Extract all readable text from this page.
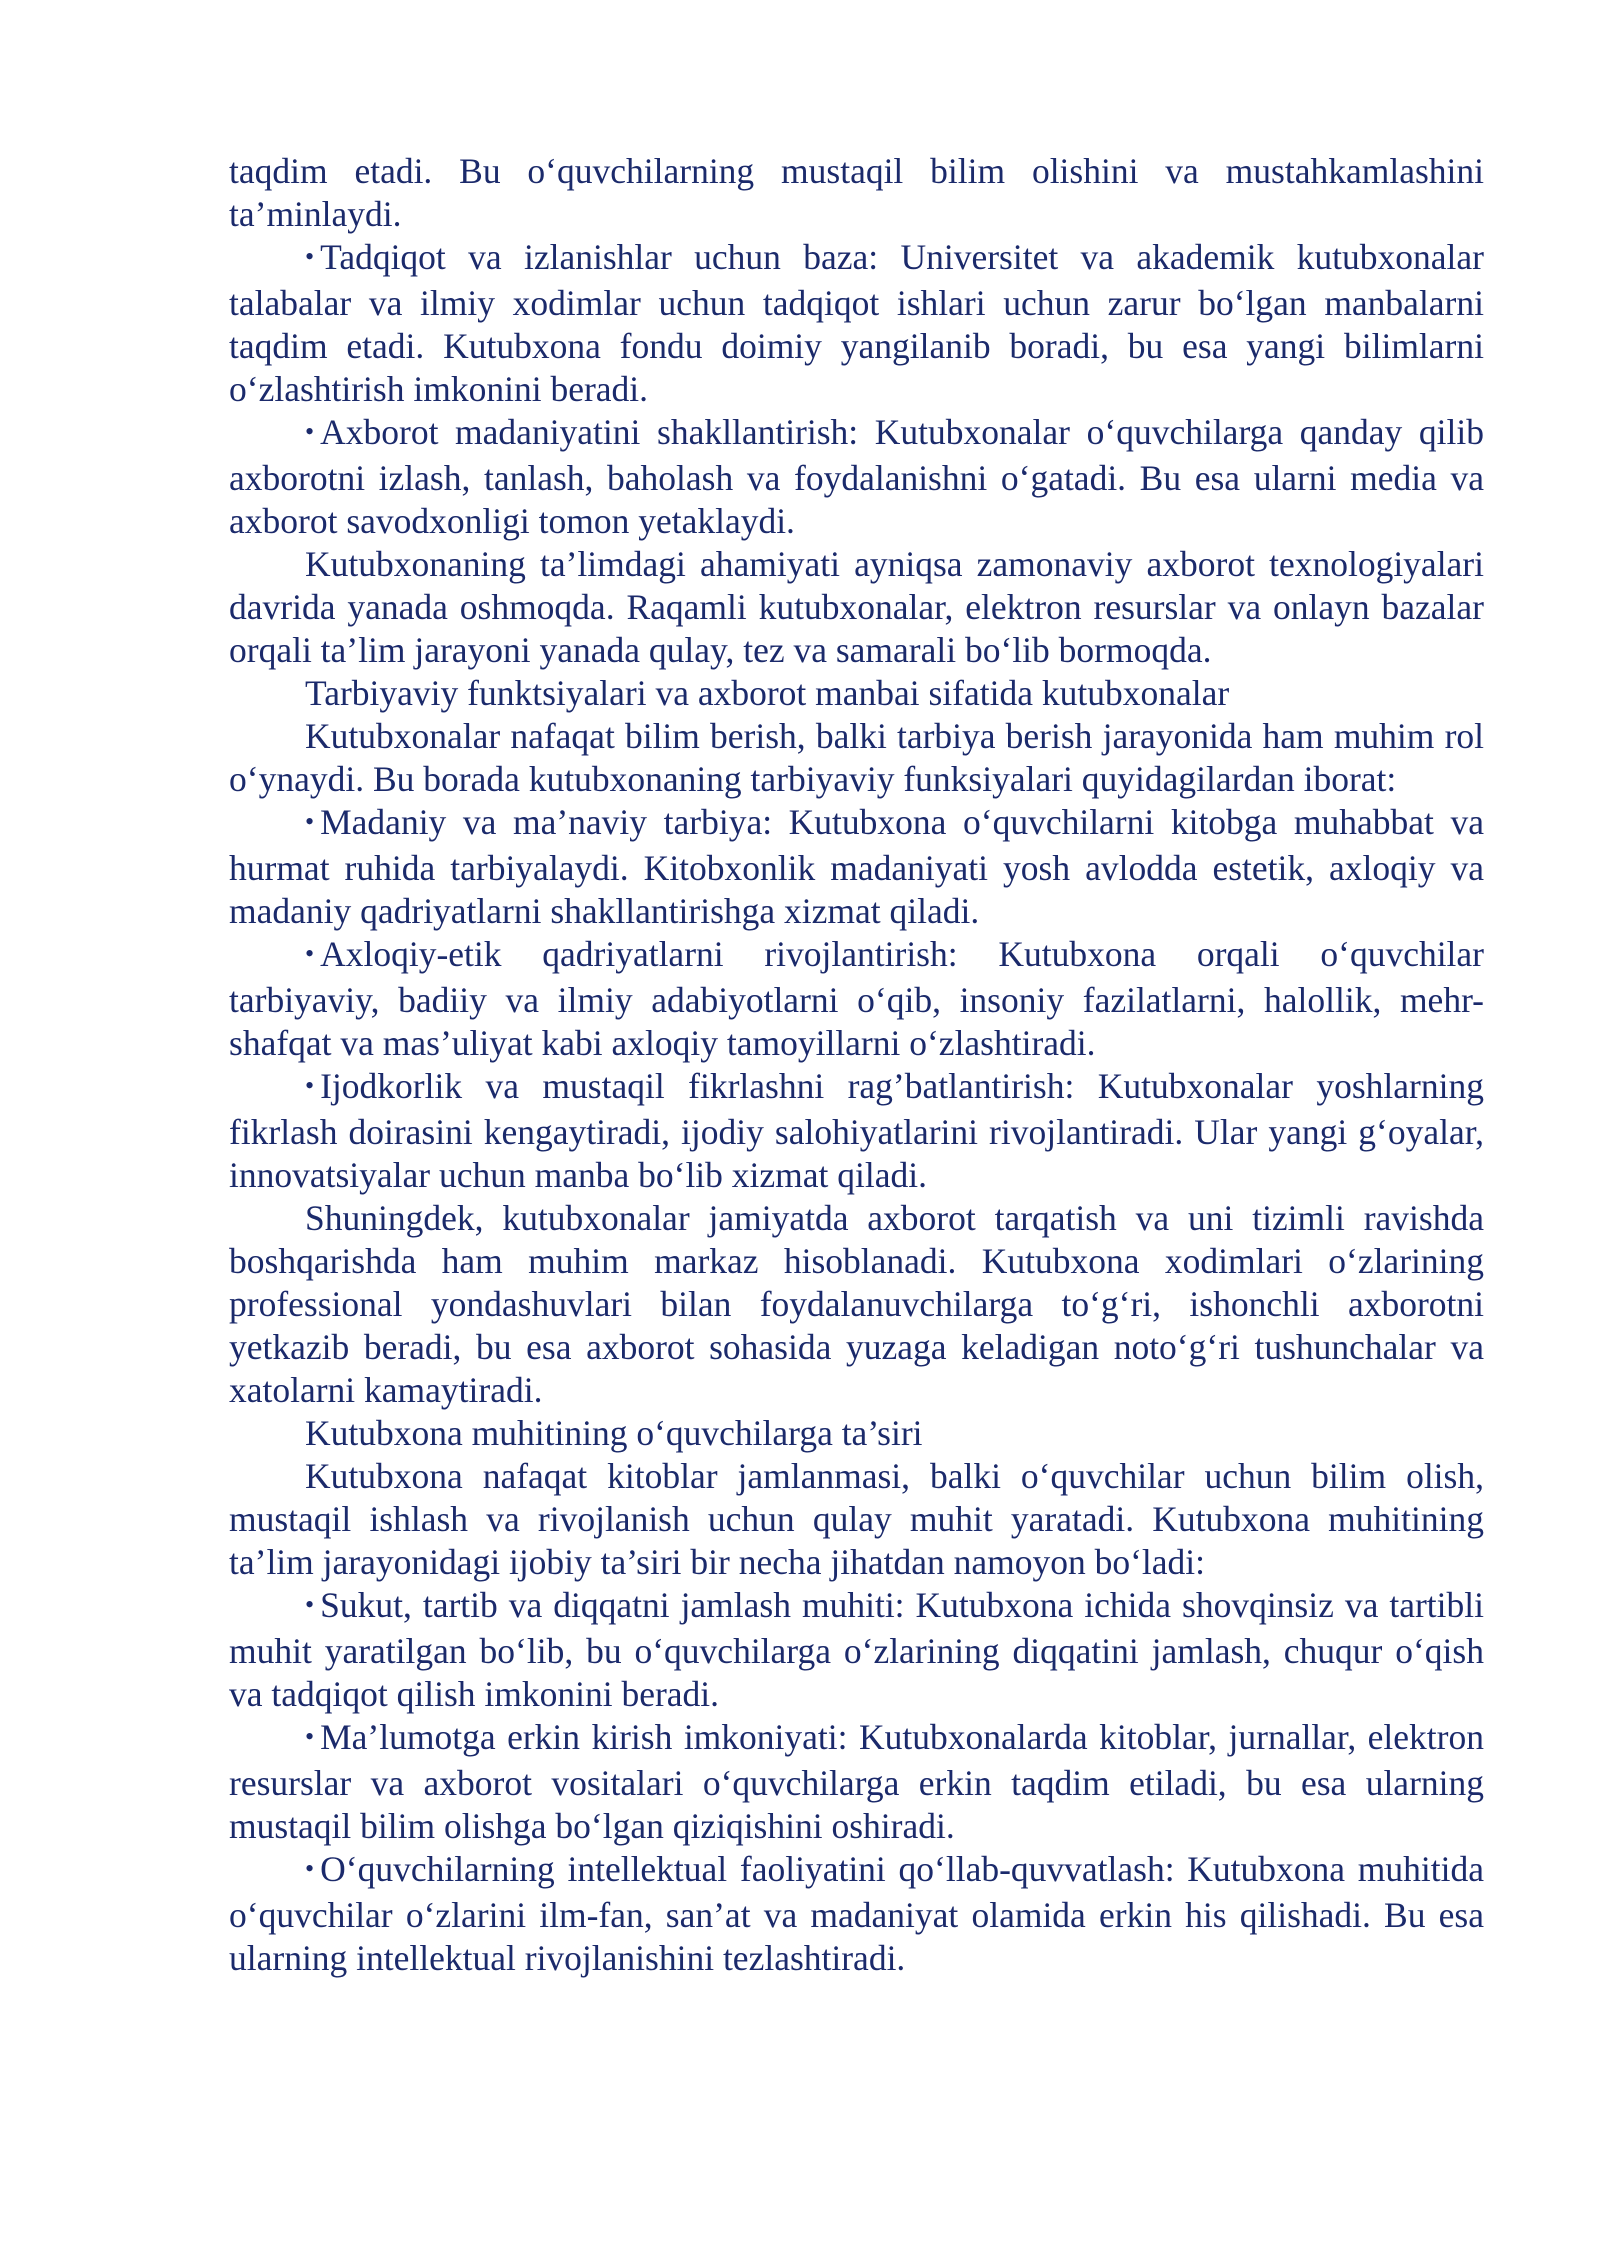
taqdim etadi. Bu o‘quvchilarning mustaqil bilim olishini va mustahkamlashini ta’minlaydi.

• Tadqiqot va izlanishlar uchun baza: Universitet va akademik kutubxonalar talabalar va ilmiy xodimlar uchun tadqiqot ishlari uchun zarur bo‘lgan manbalarni taqdim etadi. Kutubxona fondu doimiy yangilanib boradi, bu esa yangi bilimlarni o‘zlashtirish imkonini beradi.

• Axborot madaniyatini shakllantirish: Kutubxonalar o‘quvchilarga qanday qilib axborotni izlash, tanlash, baholash va foydalanishni o‘gatadi. Bu esa ularni media va axborot savodxonligi tomon yetaklaydi.

Kutubxonaning ta’limdagi ahamiyati ayniqsa zamonaviy axborot texnologiyalari davrida yanada oshmoqda. Raqamli kutubxonalar, elektron resurslar va onlayn bazalar orqali ta’lim jarayoni yanada qulay, tez va samarali bo‘lib bormoqda.

Tarbiyaviy funktsiyalari va axborot manbai sifatida kutubxonalar

Kutubxonalar nafaqat bilim berish, balki tarbiya berish jarayonida ham muhim rol o‘ynaydi. Bu borada kutubxonaning tarbiyaviy funksiyalari quyidagilardan iborat:

• Madaniy va ma’naviy tarbiya: Kutubxona o‘quvchilarni kitobga muhabbat va hurmat ruhida tarbiyalaydi. Kitobxonlik madaniyati yosh avlodda estetik, axloqiy va madaniy qadriyatlarni shakllantirishga xizmat qiladi.

• Axloqiy-etik qadriyatlarni rivojlantirish: Kutubxona orqali o‘quvchilar tarbiyaviy, badiiy va ilmiy adabiyotlarni o‘qib, insoniy fazilatlarni, halollik, mehr-shafqat va mas’uliyat kabi axloqiy tamoyillarni o‘zlashtiradi.

• Ijodkorlik va mustaqil fikrlashni rag’batlantirish: Kutubxonalar yoshlarning fikrlash doirasini kengaytiradi, ijodiy salohiyatlarini rivojlantiradi. Ular yangi g‘oyalar, innovatsiyalar uchun manba bo‘lib xizmat qiladi.

Shuningdek, kutubxonalar jamiyatda axborot tarqatish va uni tizimli ravishda boshqarishda ham muhim markaz hisoblanadi. Kutubxona xodimlari o‘zlarining professional yondashuvlari bilan foydalanuvchilarga to‘g‘ri, ishonchli axborotni yetkazib beradi, bu esa axborot sohasida yuzaga keladigan noto‘g‘ri tushunchalar va xatolarni kamaytiradi.

Kutubxona muhitining o‘quvchilarga ta’siri

Kutubxona nafaqat kitoblar jamlanmasi, balki o‘quvchilar uchun bilim olish, mustaqil ishlash va rivojlanish uchun qulay muhit yaratadi. Kutubxona muhitining ta’lim jarayonidagi ijobiy ta’siri bir necha jihatdan namoyon bo‘ladi:

• Sukut, tartib va diqqatni jamlash muhiti: Kutubxona ichida shovqinsiz va tartibli muhit yaratilgan bo‘lib, bu o‘quvchilarga o‘zlarining diqqatini jamlash, chuqur o‘qish va tadqiqot qilish imkonini beradi.

• Ma’lumotga erkin kirish imkoniyati: Kutubxonalarda kitoblar, jurnallar, elektron resurslar va axborot vositalari o‘quvchilarga erkin taqdim etiladi, bu esa ularning mustaqil bilim olishga bo‘lgan qiziqishini oshiradi.

• O‘quvchilarning intellektual faoliyatini qo‘llab-quvvatlash: Kutubxona muhitida o‘quvchilar o‘zlarini ilm-fan, san’at va madaniyat olamida erkin his qilishadi. Bu esa ularning intellektual rivojlanishini tezlashtiradi.
